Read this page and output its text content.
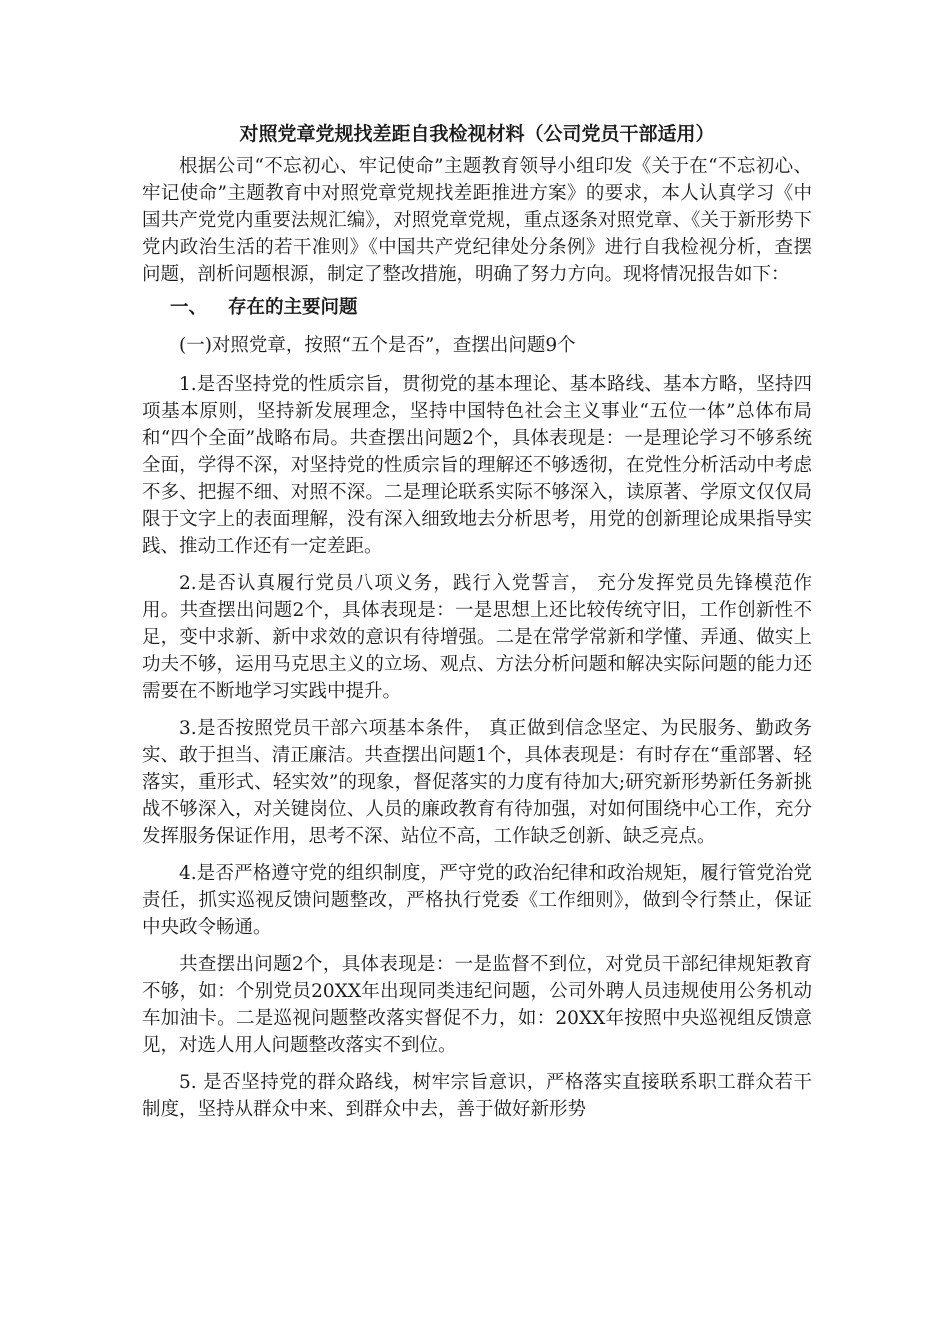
对照党章党规找差距自我检视材料（公司党员干部适用）

根据公司“不忘初心、牢记使命”主题教育领导小组印发《关于在“不忘初心、牢记使命”主题教育中对照党章党规找差距推进方案》的要求，本人认真学习《中国共产党党内重要法规汇编》，对照党章党规，重点逐条对照党章、《关于新形势下党内政治生活的若干准则》《中国共产党纪律处分条例》进行自我检视分析，查摆问题，剖析问题根源，制定了整改措施，明确了努力方向。现将情况报告如下：

一、 存在的主要问题

(一)对照党章，按照“五个是否”，查摆出问题9个

1.是否坚持党的性质宗旨，贯彻党的基本理论、基本路线、基本方略，坚持四项基本原则，坚持新发展理念，坚持中国特色社会主义事业“五位一体”总体布局和“四个全面”战略布局。共查摆出问题2个，具体表现是：一是理论学习不够系统全面，学得不深，对坚持党的性质宗旨的理解还不够透彻，在党性分析活动中考虑不多、把握不细、对照不深。二是理论联系实际不够深入，读原著、学原文仅仅局限于文字上的表面理解，没有深入细致地去分析思考，用党的创新理论成果指导实践、推动工作还有一定差距。

2.是否认真履行党员八项义务，践行入党誓言， 充分发挥党员先锋模范作用。共查摆出问题2个，具体表现是：一是思想上还比较传统守旧，工作创新性不足，变中求新、新中求效的意识有待增强。二是在常学常新和学懂、弄通、做实上功夫不够，运用马克思主义的立场、观点、方法分析问题和解决实际问题的能力还需要在不断地学习实践中提升。

3.是否按照党员干部六项基本条件， 真正做到信念坚定、为民服务、勤政务实、敢于担当、清正廉洁。共查摆出问题1个，具体表现是：有时存在“重部署、轻落实，重形式、轻实效”的现象，督促落实的力度有待加大;研究新形势新任务新挑战不够深入，对关键岗位、人员的廉政教育有待加强，对如何围绕中心工作，充分发挥服务保证作用，思考不深、站位不高，工作缺乏创新、缺乏亮点。

4.是否严格遵守党的组织制度，严守党的政治纪律和政治规矩，履行管党治党责任，抓实巡视反馈问题整改，严格执行党委《工作细则》，做到令行禁止，保证中央政令畅通。

共查摆出问题2个，具体表现是：一是监督不到位，对党员干部纪律规矩教育不够，如：个别党员20XX年出现同类违纪问题，公司外聘人员违规使用公务机动车加油卡。二是巡视问题整改落实督促不力，如：20XX年按照中央巡视组反馈意见，对选人用人问题整改落实不到位。

5. 是否坚持党的群众路线，树牢宗旨意识，严格落实直接联系职工群众若干制度，坚持从群众中来、到群众中去，善于做好新形势
